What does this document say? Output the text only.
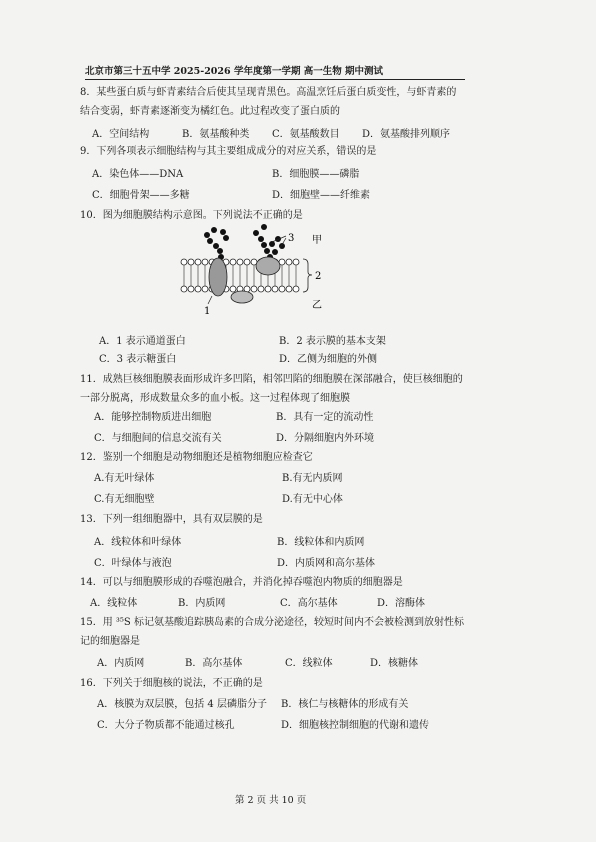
北京市第三十五中学 2025-2026 学年度第一学期 高一生物 期中测试
8．某些蛋白质与虾青素结合后使其呈现青黑色。高温烹饪后蛋白质变性，与虾青素的
结合变弱，虾青素逐渐变为橘红色。此过程改变了蛋白质的
A．空间结构	B．氨基酸种类 C．氨基酸数目 D．氨基酸排列顺序
9．下列各项表示细胞结构与其主要组成成分的对应关系，错误的是
A．染色体——DNA	B．细胞膜——磷脂
C．细胞骨架——多糖	D．细胞壁——纤维素
10．图为细胞膜结构示意图。下列说法不正确的是
3 甲
2
乙
1
A．1 表示通道蛋白	B．2 表示膜的基本支架
C．3 表示糖蛋白	D．乙侧为细胞的外侧
11．成熟巨核细胞膜表面形成许多凹陷，相邻凹陷的细胞膜在深部融合，使巨核细胞的
一部分脱离，形成数量众多的血小板。这一过程体现了细胞膜
A．能够控制物质进出细胞	B．具有一定的流动性
C．与细胞间的信息交流有关	D．分隔细胞内外环境
12．鉴别一个细胞是动物细胞还是植物细胞应检查它
A.有无叶绿体	B.有无内质网
C.有无细胞壁	D.有无中心体
13．下列一组细胞器中，具有双层膜的是
A．线粒体和叶绿体	B．线粒体和内质网
C．叶绿体与液泡	D．内质网和高尔基体
14．可以与细胞膜形成的吞噬泡融合，并消化掉吞噬泡内物质的细胞器是
A．线粒体	B．内质网	C．高尔基体	D．溶酶体
15．用 ³⁵S 标记氨基酸追踪胰岛素的合成分泌途径，较短时间内不会被检测到放射性标
记的细胞器是
A．内质网	B．高尔基体	C．线粒体	D．核糖体
16．下列关于细胞核的说法，不正确的是
A．核膜为双层膜，包括 4 层磷脂分子 B．核仁与核糖体的形成有关
C．大分子物质都不能通过核孔	D．细胞核控制细胞的代谢和遗传
第 2 页 共 10 页
